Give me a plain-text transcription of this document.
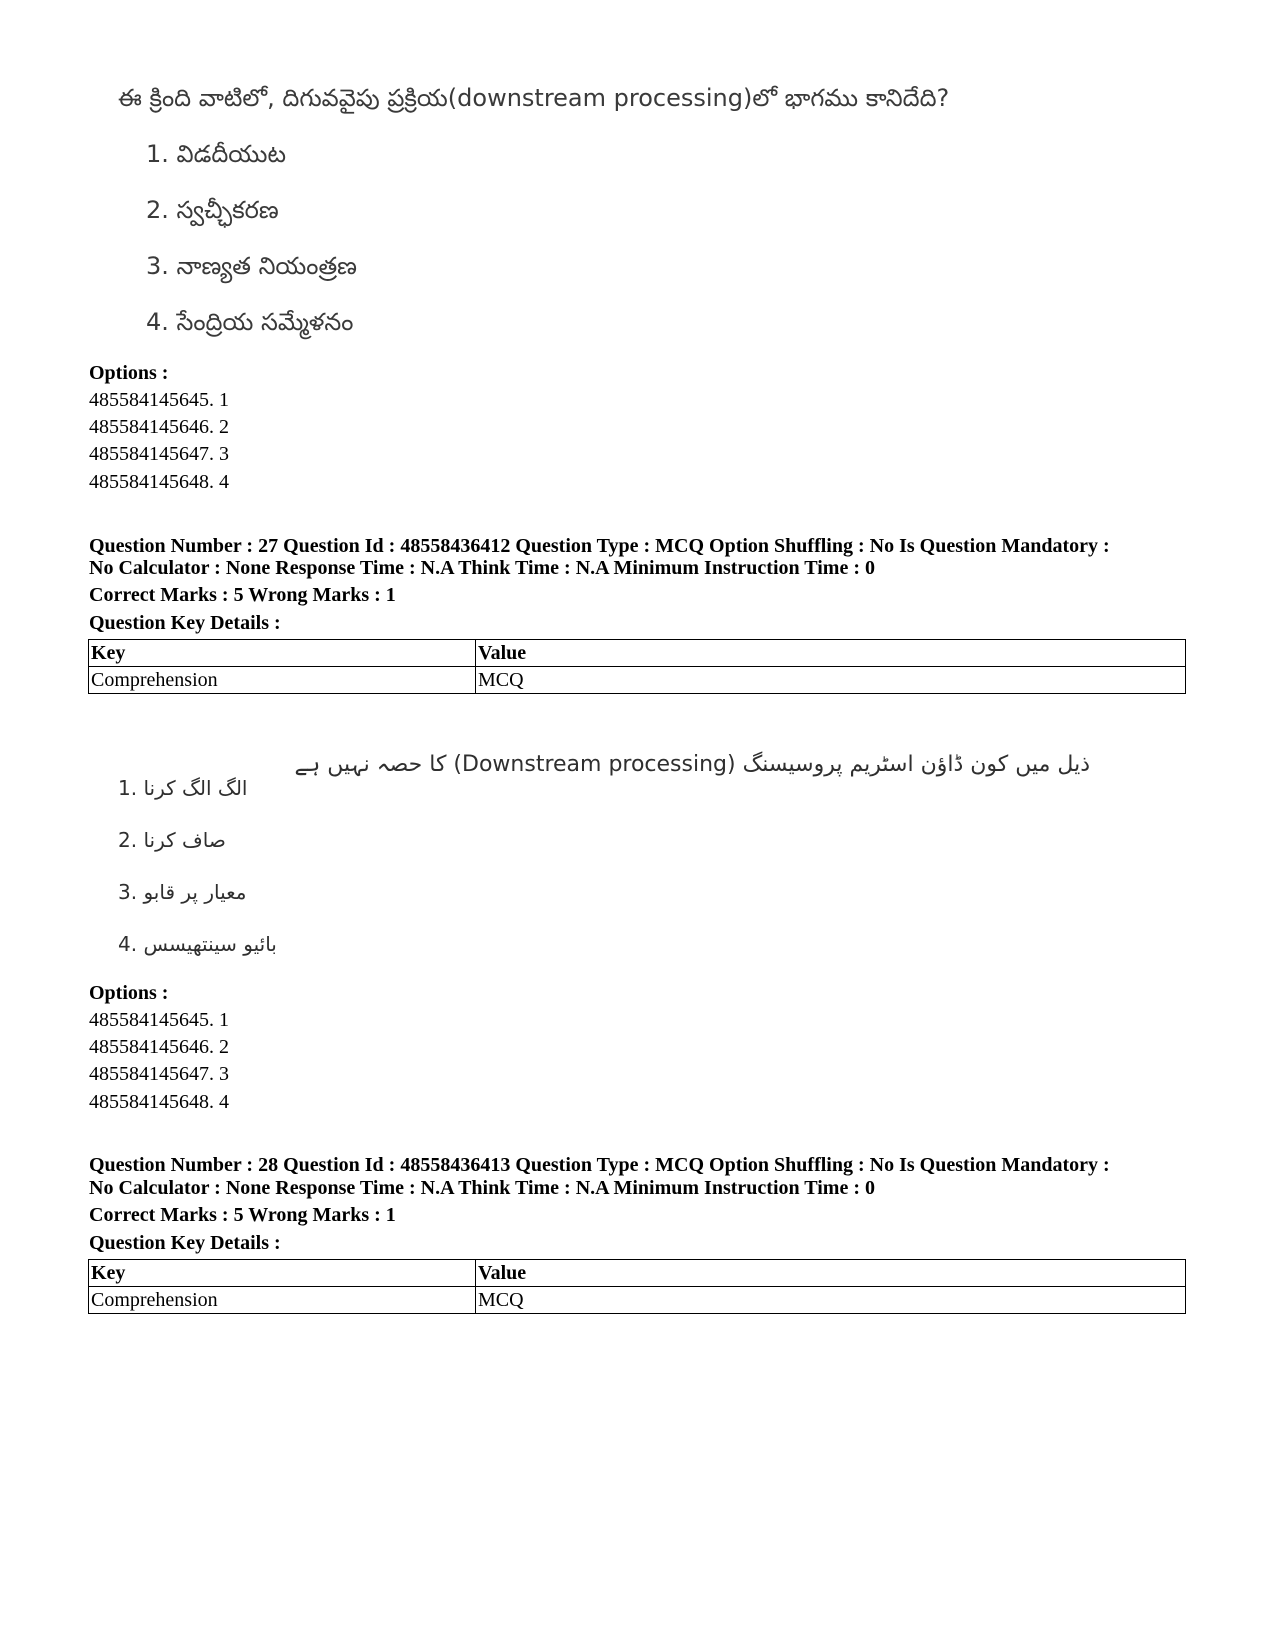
ఈ క్రింది వాటిలో, దిగువవైపు ప్రక్రియ(downstream processing)లో భాగము కానిదేది?
1. విడదీయుట
2. స్వచ్ఛీకరణ
3. నాణ్యత నియంత్రణ
4. సేంద్రియ సమ్మేళనం
Options :
485584145645. 1
485584145646. 2
485584145647. 3
485584145648. 4
Question Number : 27 Question Id : 48558436412 Question Type : MCQ Option Shuffling : No Is Question Mandatory :
No Calculator : None Response Time : N.A Think Time : N.A Minimum Instruction Time : 0
Correct Marks : 5 Wrong Marks : 1
Question Key Details :
Key	Value
Comprehension	MCQ
ذیل میں کون ڈاؤن اسٹریم پروسیسنگ (Downstream processing) کا حصہ نہیں ہے
1. الگ الگ کرنا
2. صاف کرنا
3. معیار پر قابو
4. بائیو سینتھیسس
Options :
485584145645. 1
485584145646. 2
485584145647. 3
485584145648. 4
Question Number : 28 Question Id : 48558436413 Question Type : MCQ Option Shuffling : No Is Question Mandatory :
No Calculator : None Response Time : N.A Think Time : N.A Minimum Instruction Time : 0
Correct Marks : 5 Wrong Marks : 1
Question Key Details :
Key	Value
Comprehension	MCQ
